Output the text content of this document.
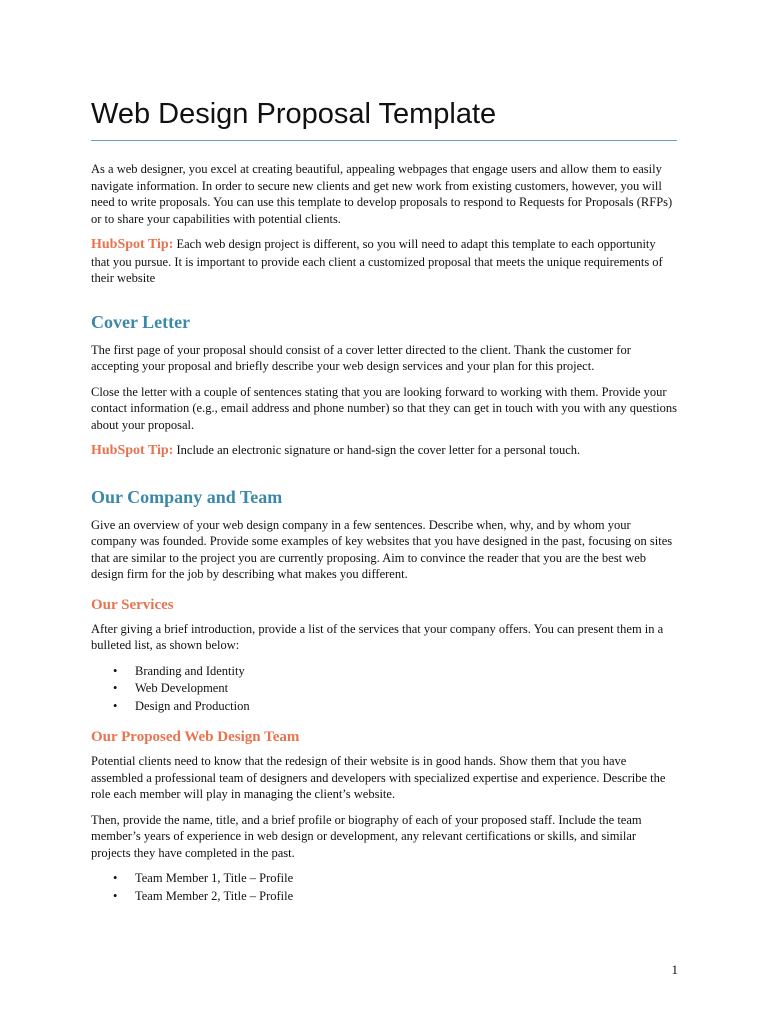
Web Design Proposal Template

As a web designer, you excel at creating beautiful, appealing webpages that engage users and allow them to easily navigate information. In order to secure new clients and get new work from existing customers, however, you will need to write proposals. You can use this template to develop proposals to respond to Requests for Proposals (RFPs) or to share your capabilities with potential clients.

HubSpot Tip: Each web design project is different, so you will need to adapt this template to each opportunity that you pursue. It is important to provide each client a customized proposal that meets the unique requirements of their website

Cover Letter

The first page of your proposal should consist of a cover letter directed to the client. Thank the customer for accepting your proposal and briefly describe your web design services and your plan for this project.

Close the letter with a couple of sentences stating that you are looking forward to working with them. Provide your contact information (e.g., email address and phone number) so that they can get in touch with you with any questions about your proposal.

HubSpot Tip: Include an electronic signature or hand-sign the cover letter for a personal touch.

Our Company and Team

Give an overview of your web design company in a few sentences. Describe when, why, and by whom your company was founded. Provide some examples of key websites that you have designed in the past, focusing on sites that are similar to the project you are currently proposing. Aim to convince the reader that you are the best web design firm for the job by describing what makes you different.

Our Services

After giving a brief introduction, provide a list of the services that your company offers. You can present them in a bulleted list, as shown below:

• Branding and Identity
• Web Development
• Design and Production
Our Proposed Web Design Team

Potential clients need to know that the redesign of their website is in good hands. Show them that you have assembled a professional team of designers and developers with specialized expertise and experience. Describe the role each member will play in managing the client’s website.

Then, provide the name, title, and a brief profile or biography of each of your proposed staff. Include the team member’s years of experience in web design or development, any relevant certifications or skills, and similar projects they have completed in the past.

• Team Member 1, Title – Profile
• Team Member 2, Title – Profile
1
